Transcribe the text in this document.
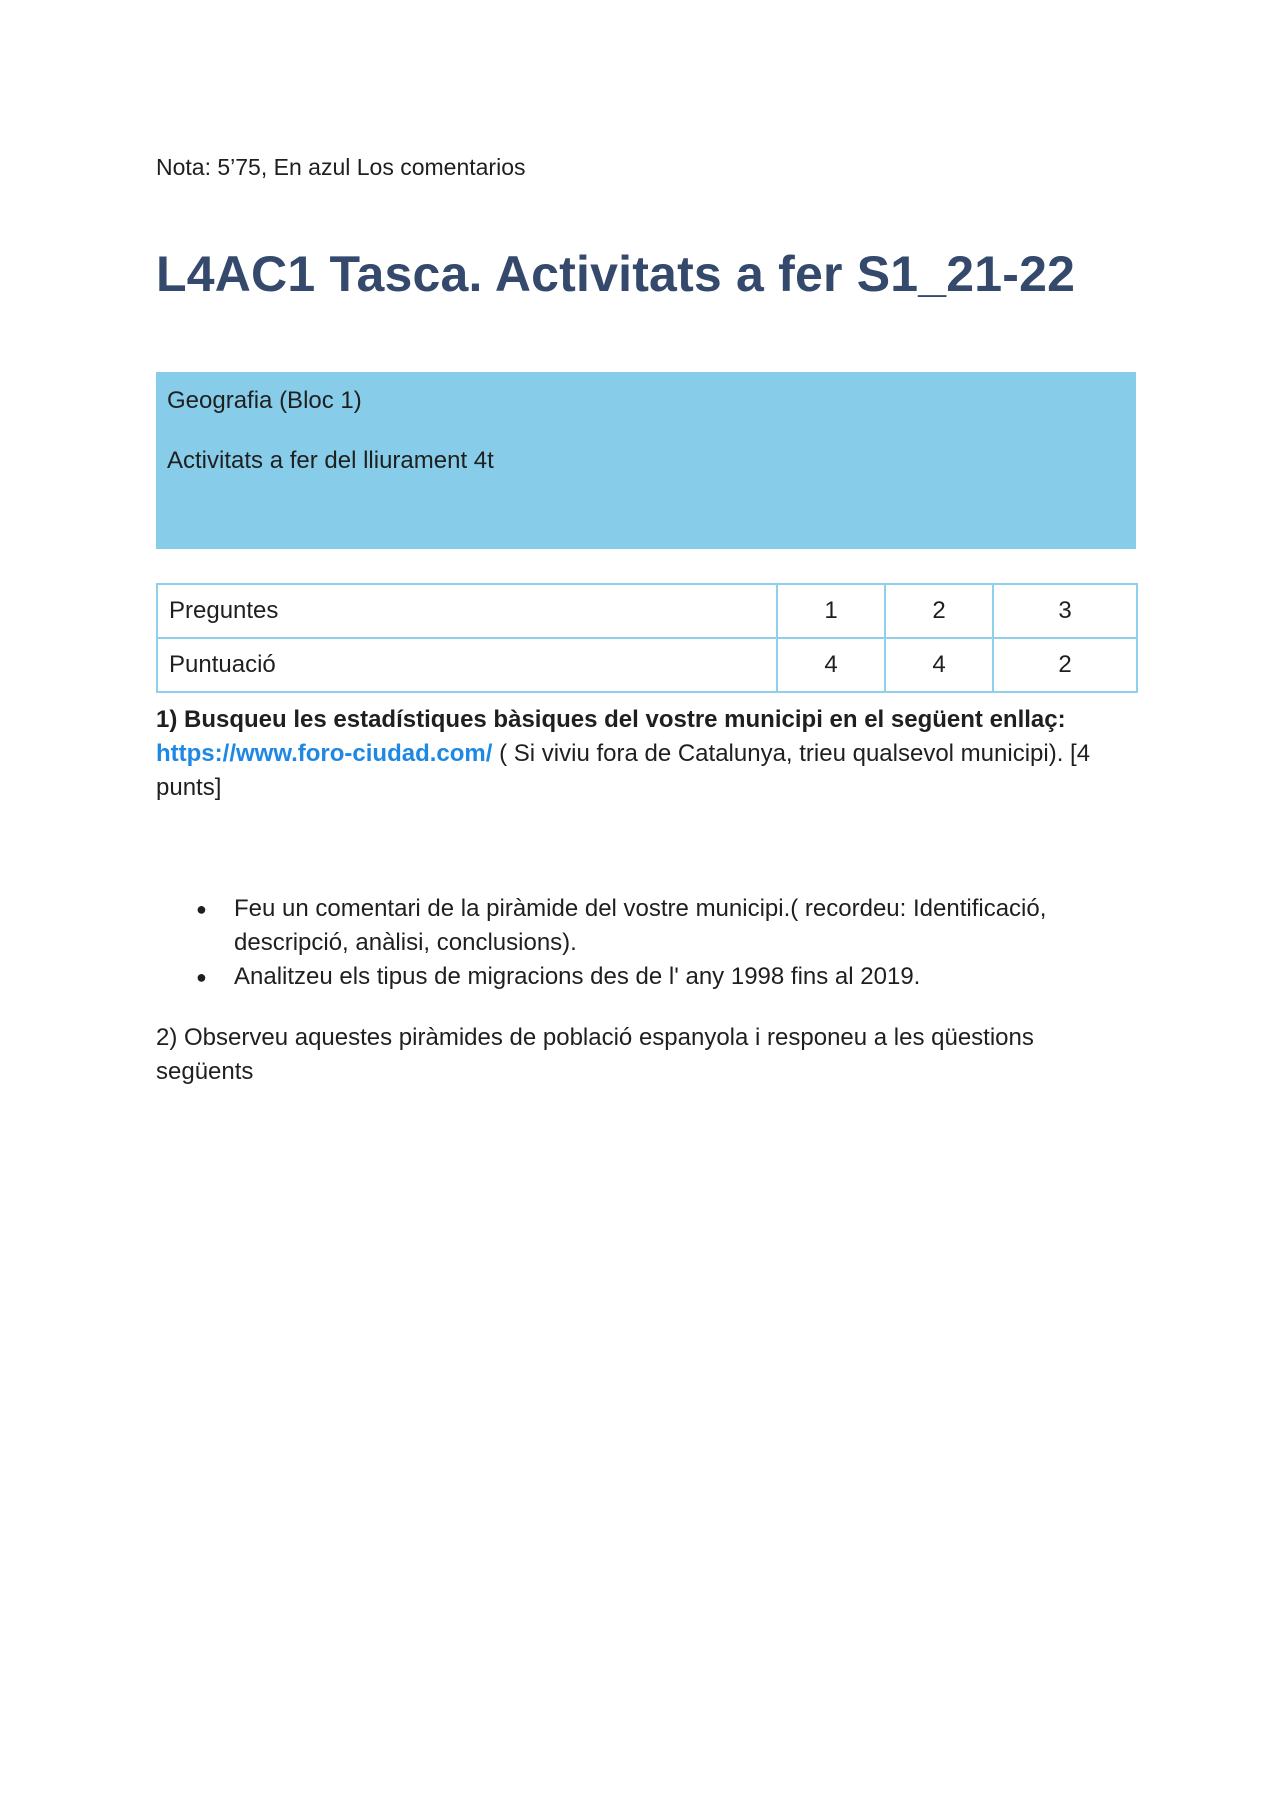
Nota: 5’75, En azul Los comentarios
L4AC1 Tasca. Activitats a fer S1_21-22
Geografia (Bloc 1)
Activitats a fer del lliurament 4t
Preguntes	1	2	3
Puntuació	4	4	2
1) Busqueu les estadístiques bàsiques del vostre municipi en el següent enllaç: https://www.foro-ciudad.com/ ( Si viviu fora de Catalunya, trieu qualsevol municipi). [4 punts]
● Feu un comentari de la piràmide del vostre municipi.( recordeu: Identificació, descripció, anàlisi, conclusions).
● Analitzeu els tipus de migracions des de l' any 1998 fins al 2019.
2) Observeu aquestes piràmides de població espanyola i responeu a les qüestions següents
